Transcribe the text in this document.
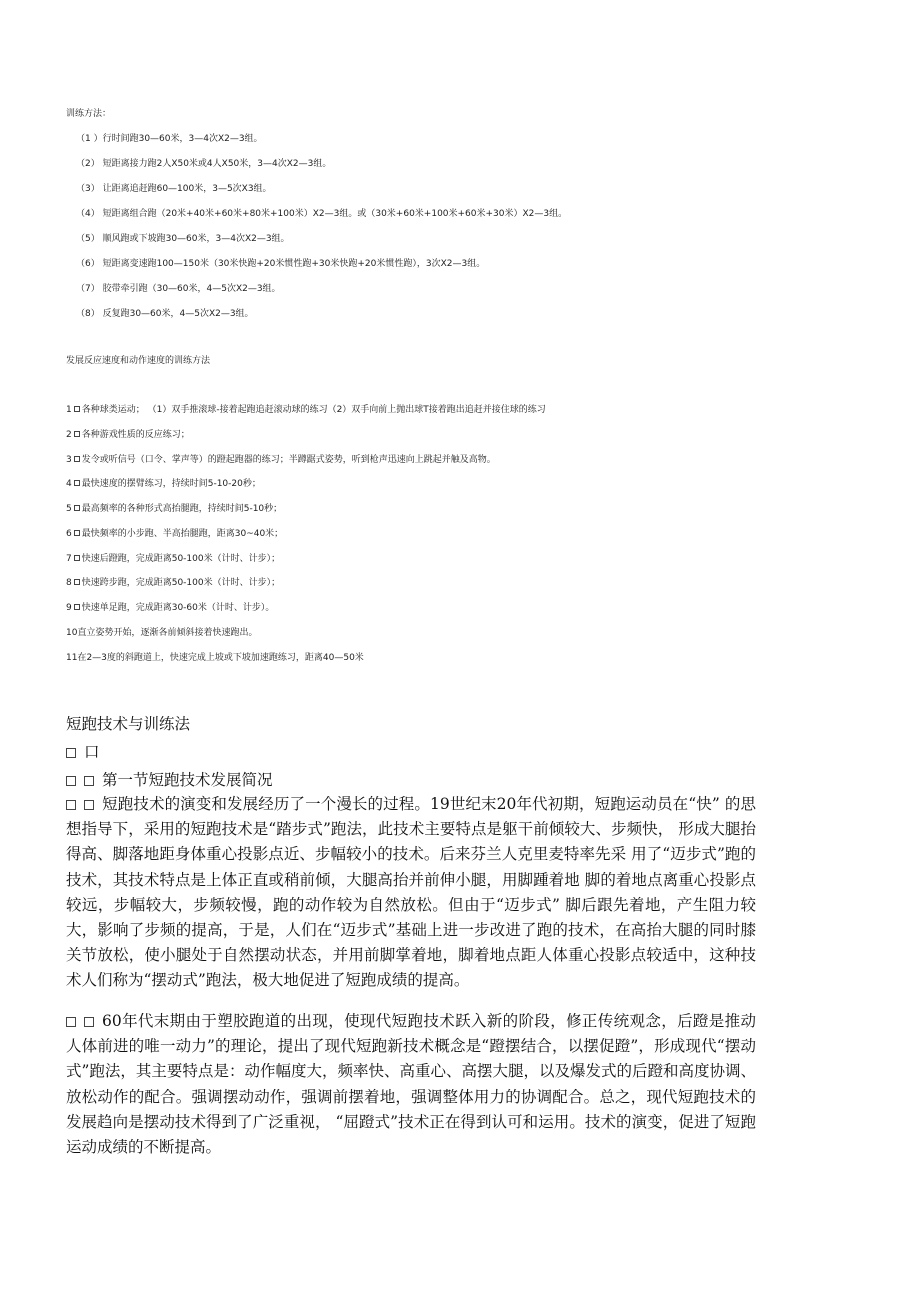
训练方法：
（1 ）行时间跑30—60米，3—4次X2—3组。
（2） 短距离接力跑2人X50米或4人X50米，3—4次X2—3组。
（3） 让距离追赶跑60—100米，3—5次X3组。
（4） 短距离组合跑（20米+40米+60米+80米+100米）X2—3组。或（30米+60米+100米+60米+30米）X2—3组。
（5） 顺风跑或下坡跑30—60米，3—4次X2—3组。
（6） 短距离变速跑100—150米（30米快跑+20米惯性跑+30米快跑+20米惯性跑），3次X2—3组。
（7） 胶带牵引跑（30—60米，4—5次X2—3组。
（8） 反复跑30—60米，4—5次X2—3组。
发展反应速度和动作速度的训练方法
1 各种球类运动； （1）双手推滚球-接着起跑追赶滚动球的练习（2）双手向前上抛出球T接着跑出追赶并接住球的练习
2 各种游戏性质的反应练习；
3 发令或听信号（口令、掌声等）的蹬起跑器的练习；半蹲踞式姿势，听到枪声迅速向上跳起并触及高物。
4 最快速度的摆臂练习，持续时间5-10-20秒；
5 最高频率的各种形式高抬腿跑，持续时间5-10秒；
6 最快频率的小步跑、半高抬腿跑，距离30~40米；
7 快速后蹬跑，完成距离50-100米（计时、计步）；
8 快速跨步跑，完成距离50-100米（计时、计步）；
9 快速单足跑，完成距离30-60米（计时、计步）。
10直立姿势开始，逐渐各前倾斜接着快速跑出。
11在2—3度的斜跑道上，快速完成上坡或下坡加速跑练习，距离40—50米
短跑技术与训练法
口
第一节短跑技术发展简况
短跑技术的演变和发展经历了一个漫长的过程。19世纪末20年代初期，短跑运动员在“快” 的思想指导下，采用的短跑技术是“踏步式”跑法，此技术主要特点是躯干前倾较大、步频快， 形成大腿抬得高、脚落地距身体重心投影点近、步幅较小的技术。后来芬兰人克里麦特率先采 用了“迈步式”跑的技术，其技术特点是上体正直或稍前倾，大腿高抬并前伸小腿，用脚踵着地 脚的着地点离重心投影点较远，步幅较大，步频较慢，跑的动作较为自然放松。但由于“迈步式” 脚后跟先着地，产生阻力较大，影响了步频的提高，于是，人们在“迈步式”基础上进一步改进了跑的技术，在高抬大腿的同时膝关节放松，使小腿处于自然摆动状态，并用前脚掌着地，脚着地点距人体重心投影点较适中，这种技术人们称为“摆动式”跑法，极大地促进了短跑成绩的提高。
60年代末期由于塑胶跑道的出现，使现代短跑技术跃入新的阶段，修正传统观念，后蹬是推动人体前进的唯一动力”的理论，提出了现代短跑新技术概念是“蹬摆结合，以摆促蹬”，形成现代“摆动式”跑法，其主要特点是：动作幅度大，频率快、高重心、高摆大腿，以及爆发式的后蹬和高度协调、放松动作的配合。强调摆动动作，强调前摆着地，强调整体用力的协调配合。总之，现代短跑技术的发展趋向是摆动技术得到了广泛重视， “屈蹬式”技术正在得到认可和运用。技术的演变，促进了短跑运动成绩的不断提高。
